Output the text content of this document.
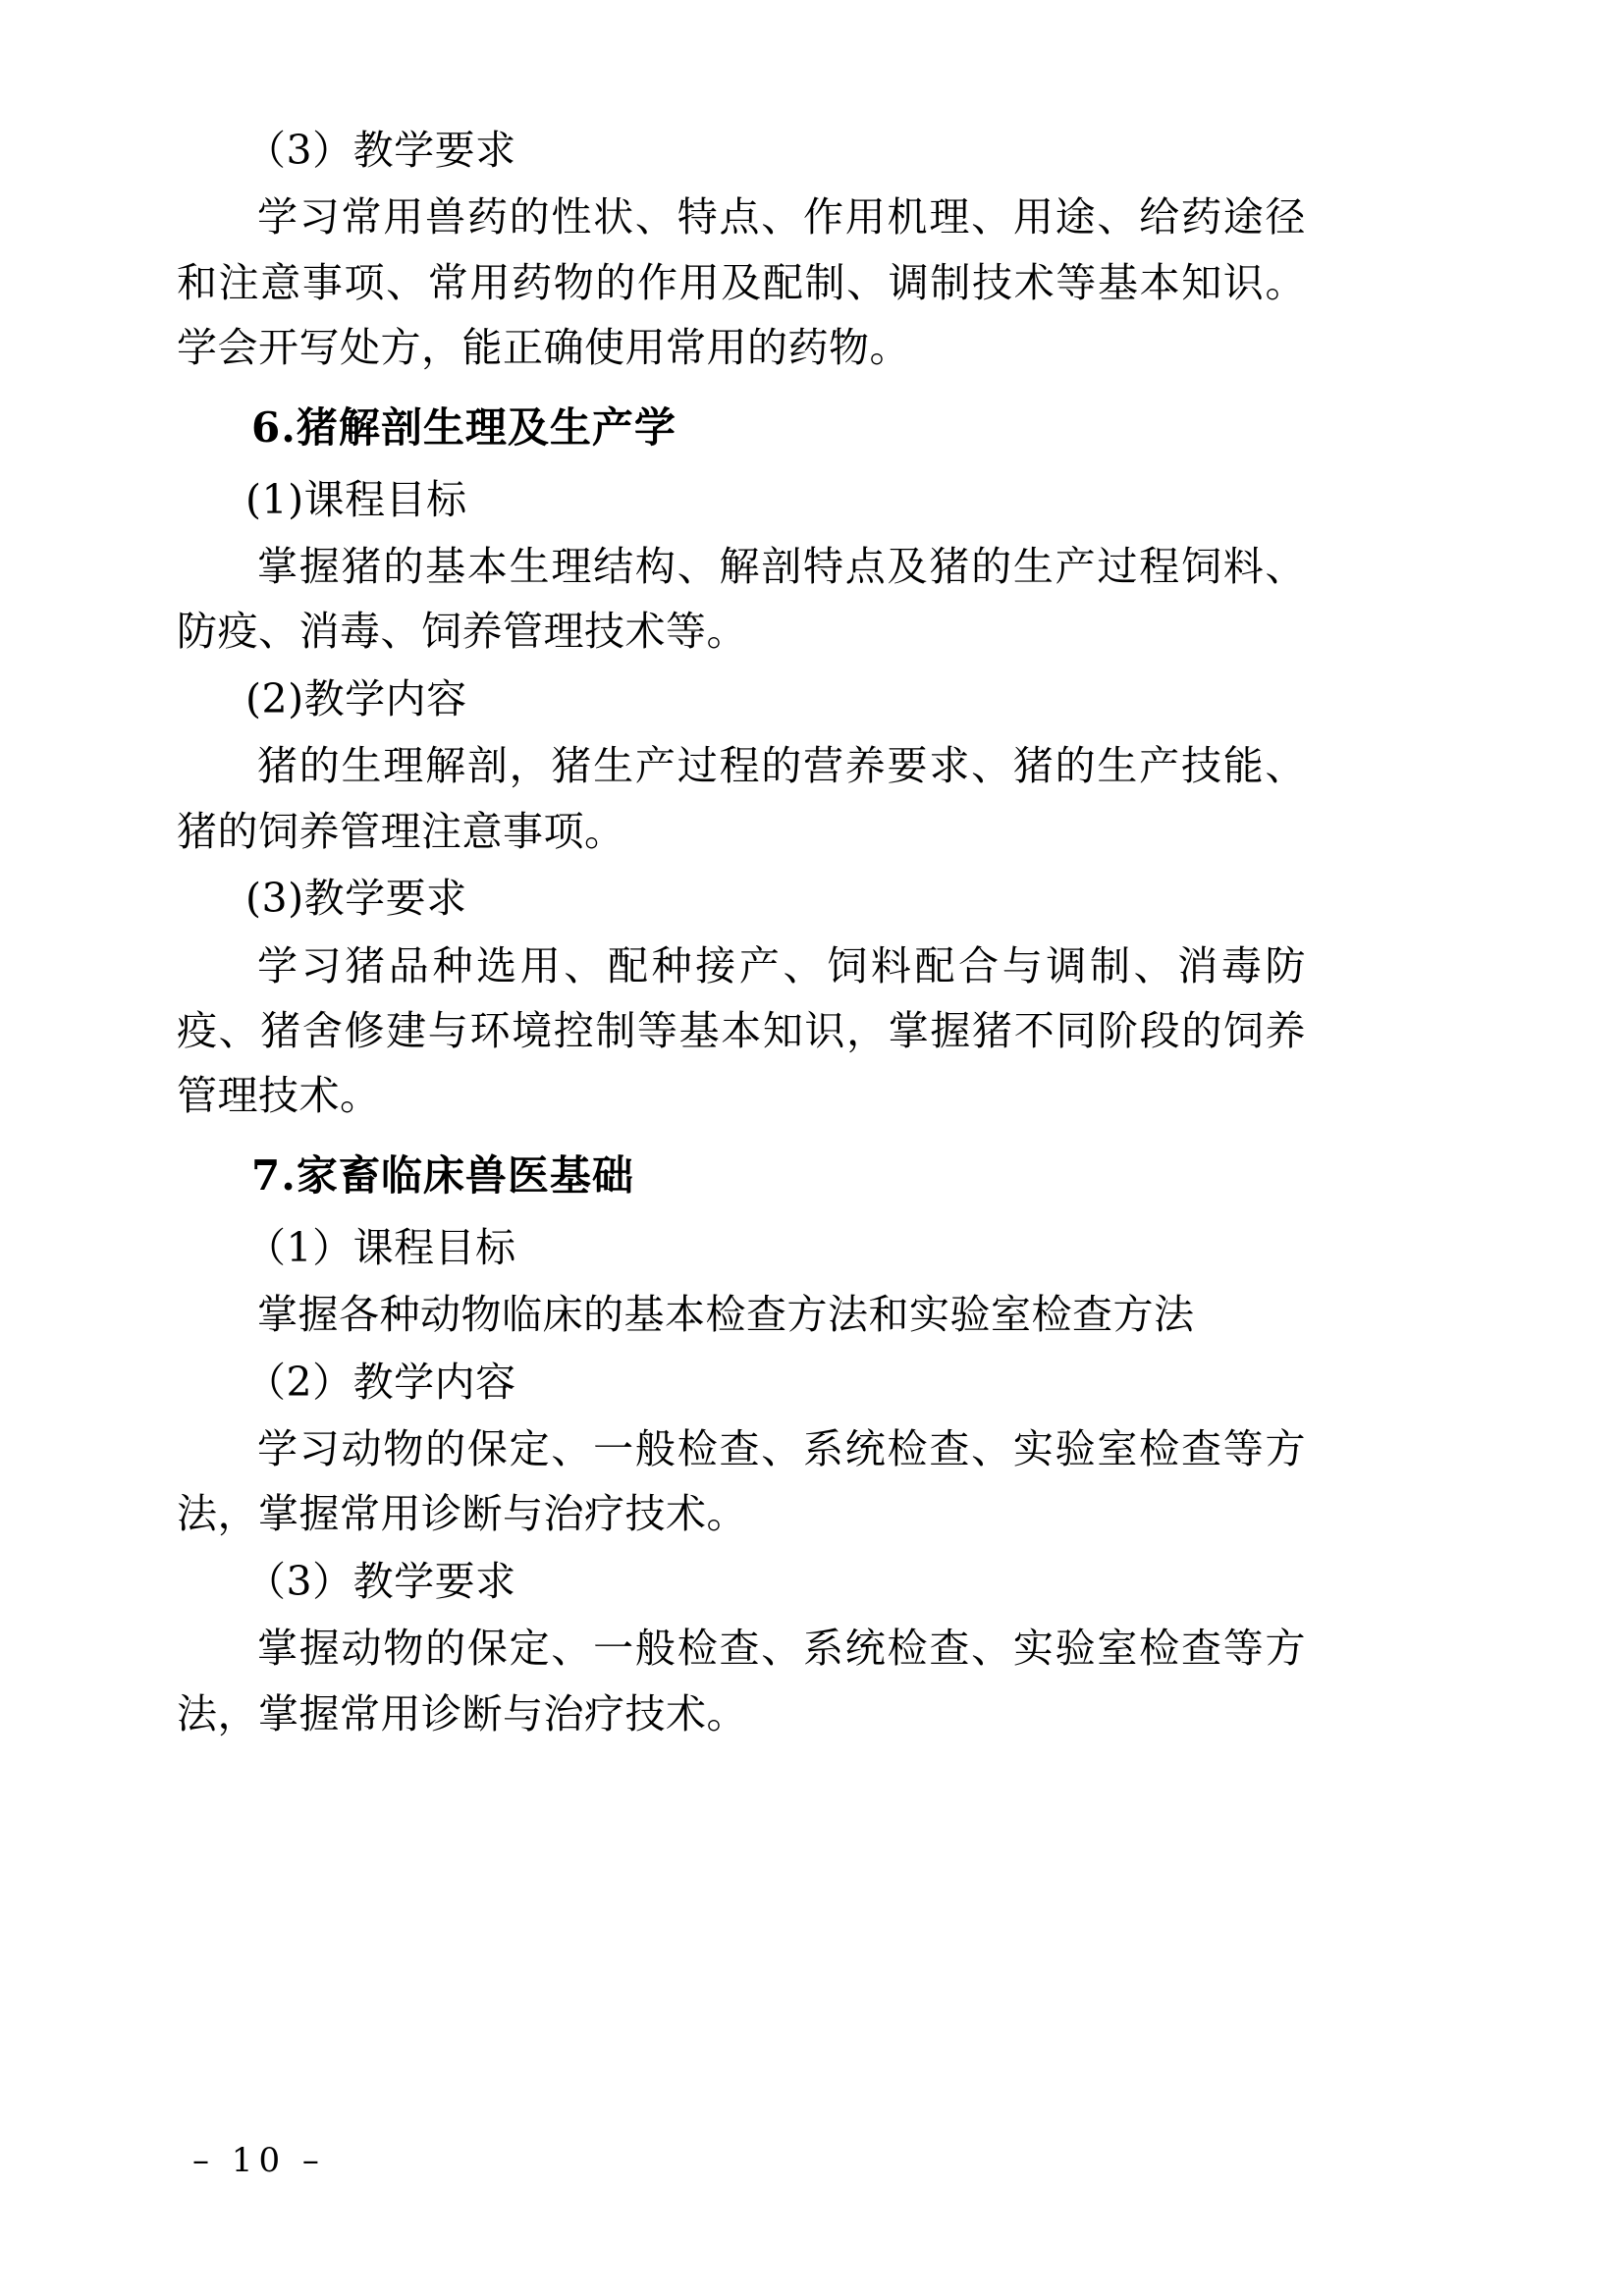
（3）教学要求

学习常用兽药的性状、特点、作用机理、用途、给药途径和注意事项、常用药物的作用及配制、调制技术等基本知识。学会开写处方，能正确使用常用的药物。

6.猪解剖生理及生产学

(1)课程目标

掌握猪的基本生理结构、解剖特点及猪的生产过程饲料、防疫、消毒、饲养管理技术等。

(2)教学内容

猪的生理解剖，猪生产过程的营养要求、猪的生产技能、猪的饲养管理注意事项。

(3)教学要求

学习猪品种选用、配种接产、饲料配合与调制、消毒防疫、猪舍修建与环境控制等基本知识，掌握猪不同阶段的饲养管理技术。

7.家畜临床兽医基础

（1）课程目标

掌握各种动物临床的基本检查方法和实验室检查方法

（2）教学内容

学习动物的保定、一般检查、系统检查、实验室检查等方法，掌握常用诊断与治疗技术。

（3）教学要求

掌握动物的保定、一般检查、系统检查、实验室检查等方法，掌握常用诊断与治疗技术。

– 10 –
